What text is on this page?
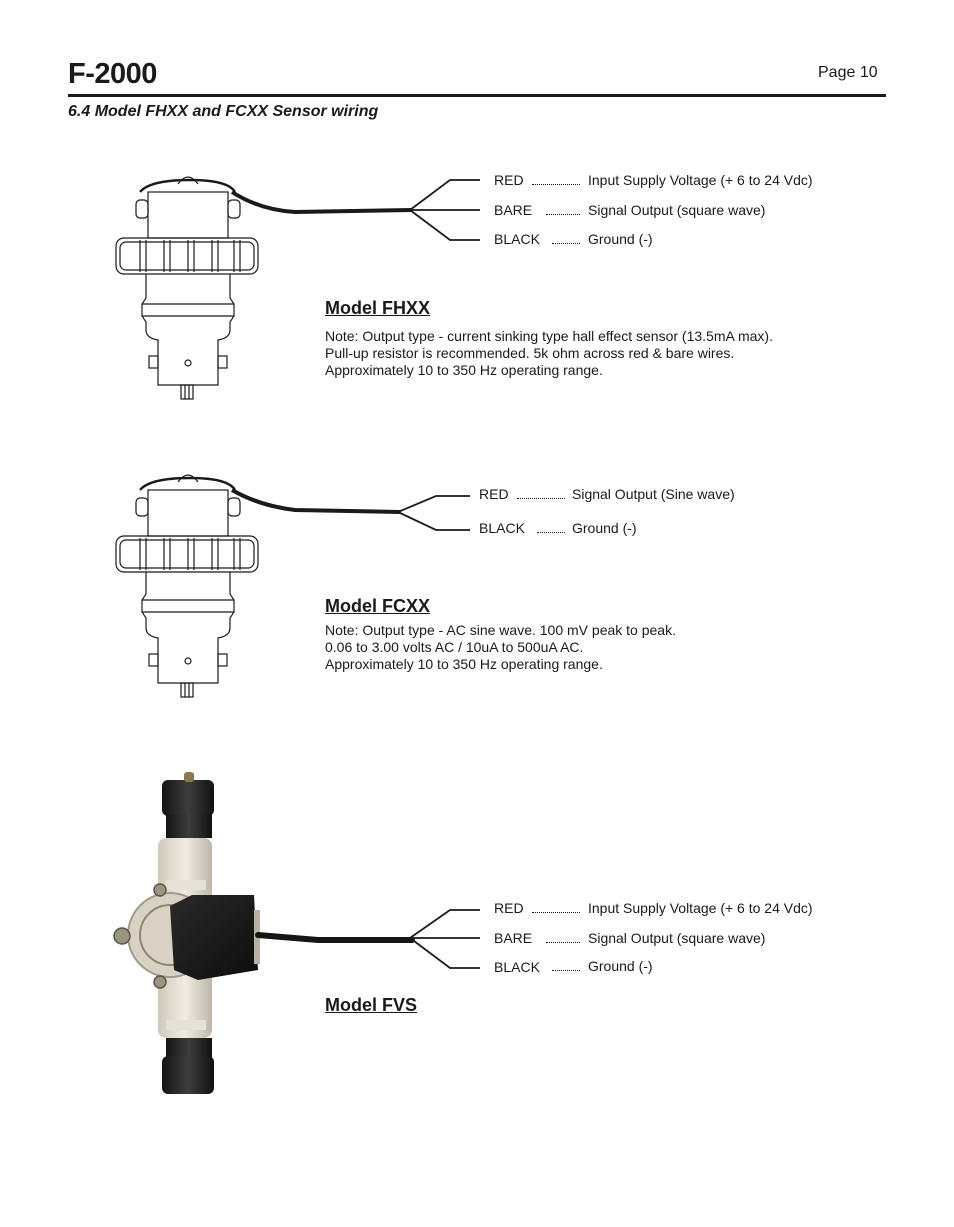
F-2000	Page 10
6.4 Model FHXX and FCXX Sensor wiring
RED	Input Supply Voltage (+ 6 to 24 Vdc)
BARE	Signal Output (square wave)
BLACK	Ground (-)
Model FHXX
Note: Output type - current sinking type hall effect sensor (13.5mA max).
Pull-up resistor is recommended. 5k ohm across red & bare wires.
Approximately 10 to 350 Hz operating range.
RED	Signal Output (Sine wave)
BLACK	Ground (-)
Model FCXX
Note: Output type - AC sine wave. 100 mV peak to peak.
0.06 to 3.00 volts AC / 10uA to 500uA AC.
Approximately 10 to 350 Hz operating range.
RED	Input Supply Voltage (+ 6 to 24 Vdc)
BARE	Signal Output (square wave)
BLACK	Ground (-)
Model FVS
